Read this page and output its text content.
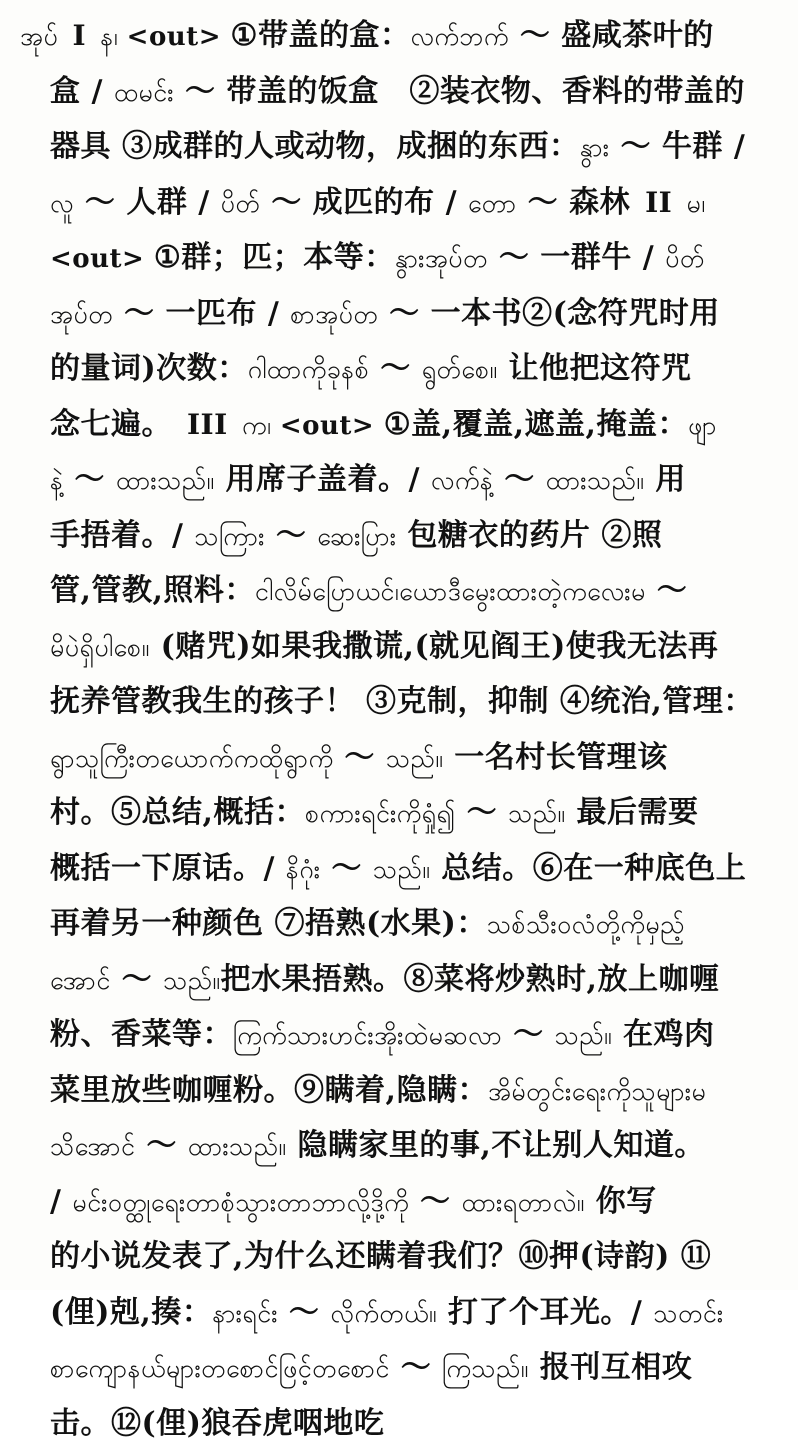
အုပ် I န၊ <out> ①带盖的盒：လက်ဘက် ～ 盛咸茶叶的
盒 / ထမင်း ～ 带盖的饭盒　②装衣物、香料的带盖的
器具 ③成群的人或动物，成捆的东西：နွား ～ 牛群 /
လူ ～ 人群 / ပိတ် ～ 成匹的布 / တော ～ 森林 II မ၊
<out> ①群；匹；本等：နွားအုပ်တ ～ 一群牛 / ပိတ်
အုပ်တ ～ 一匹布 / စာအုပ်တ ～ 一本书②(念符咒时用
的量词)次数：ဂါထာကိုခုနစ် ～ ရွတ်စေ။ 让他把这符咒
念七遍。 III က၊ <out> ①盖,覆盖,遮盖,掩盖：ဖျာ
နဲ့ ～ ထားသည်။ 用席子盖着。/ လက်နဲ့ ～ ထားသည်။ 用
手捂着。/ သကြား ～ ဆေးပြား 包糖衣的药片 ②照
管,管教,照料：ငါလိမ်ပြောယင်၊ယောဒီမွေးထားတဲ့ကလေးမ ～
မိပဲရှိပါစေ။ (赌咒)如果我撒谎,(就见阎王)使我无法再
抚养管教我生的孩子！ ③克制，抑制 ④统治,管理：
ရွာသူကြီးတယောက်ကထိုရွာကို ～ သည်။ 一名村长管理该
村。⑤总结,概括：စကားရင်းကိုရှုံ၍ ～ သည်။ 最后需要
概括一下原话。/ နိဂုံး ～ သည်။ 总结。⑥在一种底色上
再着另一种颜色 ⑦捂熟(水果)：သစ်သီးဝလံတို့ကိုမှည့်
အောင် ～ သည်။把水果捂熟。⑧菜将炒熟时,放上咖喱
粉、香菜等：ကြက်သားဟင်းအိုးထဲမဆလာ ～ သည်။ 在鸡肉
菜里放些咖喱粉。⑨瞒着,隐瞒：အိမ်တွင်းရေးကိုသူများမ
သိအောင် ～ ထားသည်။ 隐瞒家里的事,不让别人知道。
/ မင်းဝတ္ထုရေးတာစုံသွားတာဘာလို့ဒို့ကို ～ ထားရတာလဲ။ 你写
的小说发表了,为什么还瞒着我们？⑩押(诗韵) ⑪
(俚)剋,揍：နားရင်း ～ လိုက်တယ်။ 打了个耳光。/ သတင်း
စာကျောနယ်များတစောင်ဖြင့်တစောင် ～ ကြသည်။ 报刊互相攻
击。⑫(俚)狼吞虎咽地吃
